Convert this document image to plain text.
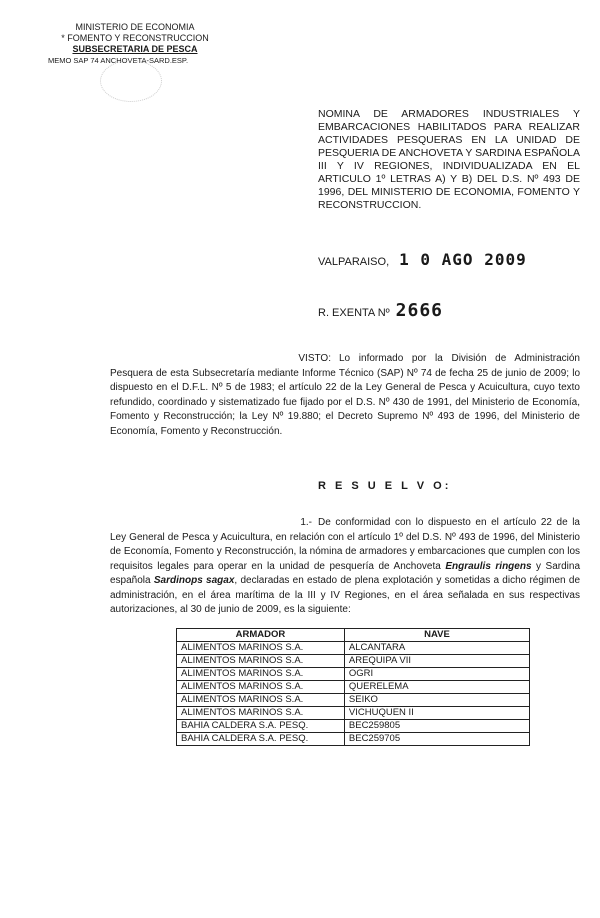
MINISTERIO DE ECONOMIA
* FOMENTO Y RECONSTRUCCION
SUBSECRETARIA DE PESCA
MEMO SAP 74 ANCHOVETA-SARD.ESP.
NOMINA DE ARMADORES INDUSTRIALES Y EMBARCACIONES HABILITADOS PARA REALIZAR ACTIVIDADES PESQUERAS EN LA UNIDAD DE PESQUERIA DE ANCHOVETA Y SARDINA ESPAÑOLA III Y IV REGIONES, INDIVIDUALIZADA EN EL ARTICULO 1º LETRAS A) Y B) DEL D.S. Nº 493 DE 1996, DEL MINISTERIO DE ECONOMIA, FOMENTO Y RECONSTRUCCION.
VALPARAISO, 1 0 AGO 2009
R. EXENTA Nº 2666
VISTO: Lo informado por la División de Administración Pesquera de esta Subsecretaría mediante Informe Técnico (SAP) Nº 74 de fecha 25 de junio de 2009; lo dispuesto en el D.F.L. Nº 5 de 1983; el artículo 22 de la Ley General de Pesca y Acuicultura, cuyo texto refundido, coordinado y sistematizado fue fijado por el D.S. Nº 430 de 1991, del Ministerio de Economía, Fomento y Reconstrucción; la Ley Nº 19.880; el Decreto Supremo Nº 493 de 1996, del Ministerio de Economía, Fomento y Reconstrucción.
R E S U E L V O:
1.- De conformidad con lo dispuesto en el artículo 22 de la Ley General de Pesca y Acuicultura, en relación con el artículo 1º del D.S. Nº 493 de 1996, del Ministerio de Economía, Fomento y Reconstrucción, la nómina de armadores y embarcaciones que cumplen con los requisitos legales para operar en la unidad de pesquería de Anchoveta Engraulis ringens y Sardina española Sardinops sagax, declaradas en estado de plena explotación y sometidas a dicho régimen de administración, en el área marítima de la III y IV Regiones, en el área señalada en sus respectivas autorizaciones, al 30 de junio de 2009, es la siguiente:
ARMADOR	NAVE
ALIMENTOS MARINOS S.A.	ALCANTARA
ALIMENTOS MARINOS S.A.	AREQUIPA VII
ALIMENTOS MARINOS S.A.	OGRI
ALIMENTOS MARINOS S.A.	QUERELEMA
ALIMENTOS MARINOS S.A.	SEIKO
ALIMENTOS MARINOS S.A.	VICHUQUEN II
BAHIA CALDERA S.A. PESQ.	BEC259805
BAHIA CALDERA S.A. PESQ.	BEC259705
